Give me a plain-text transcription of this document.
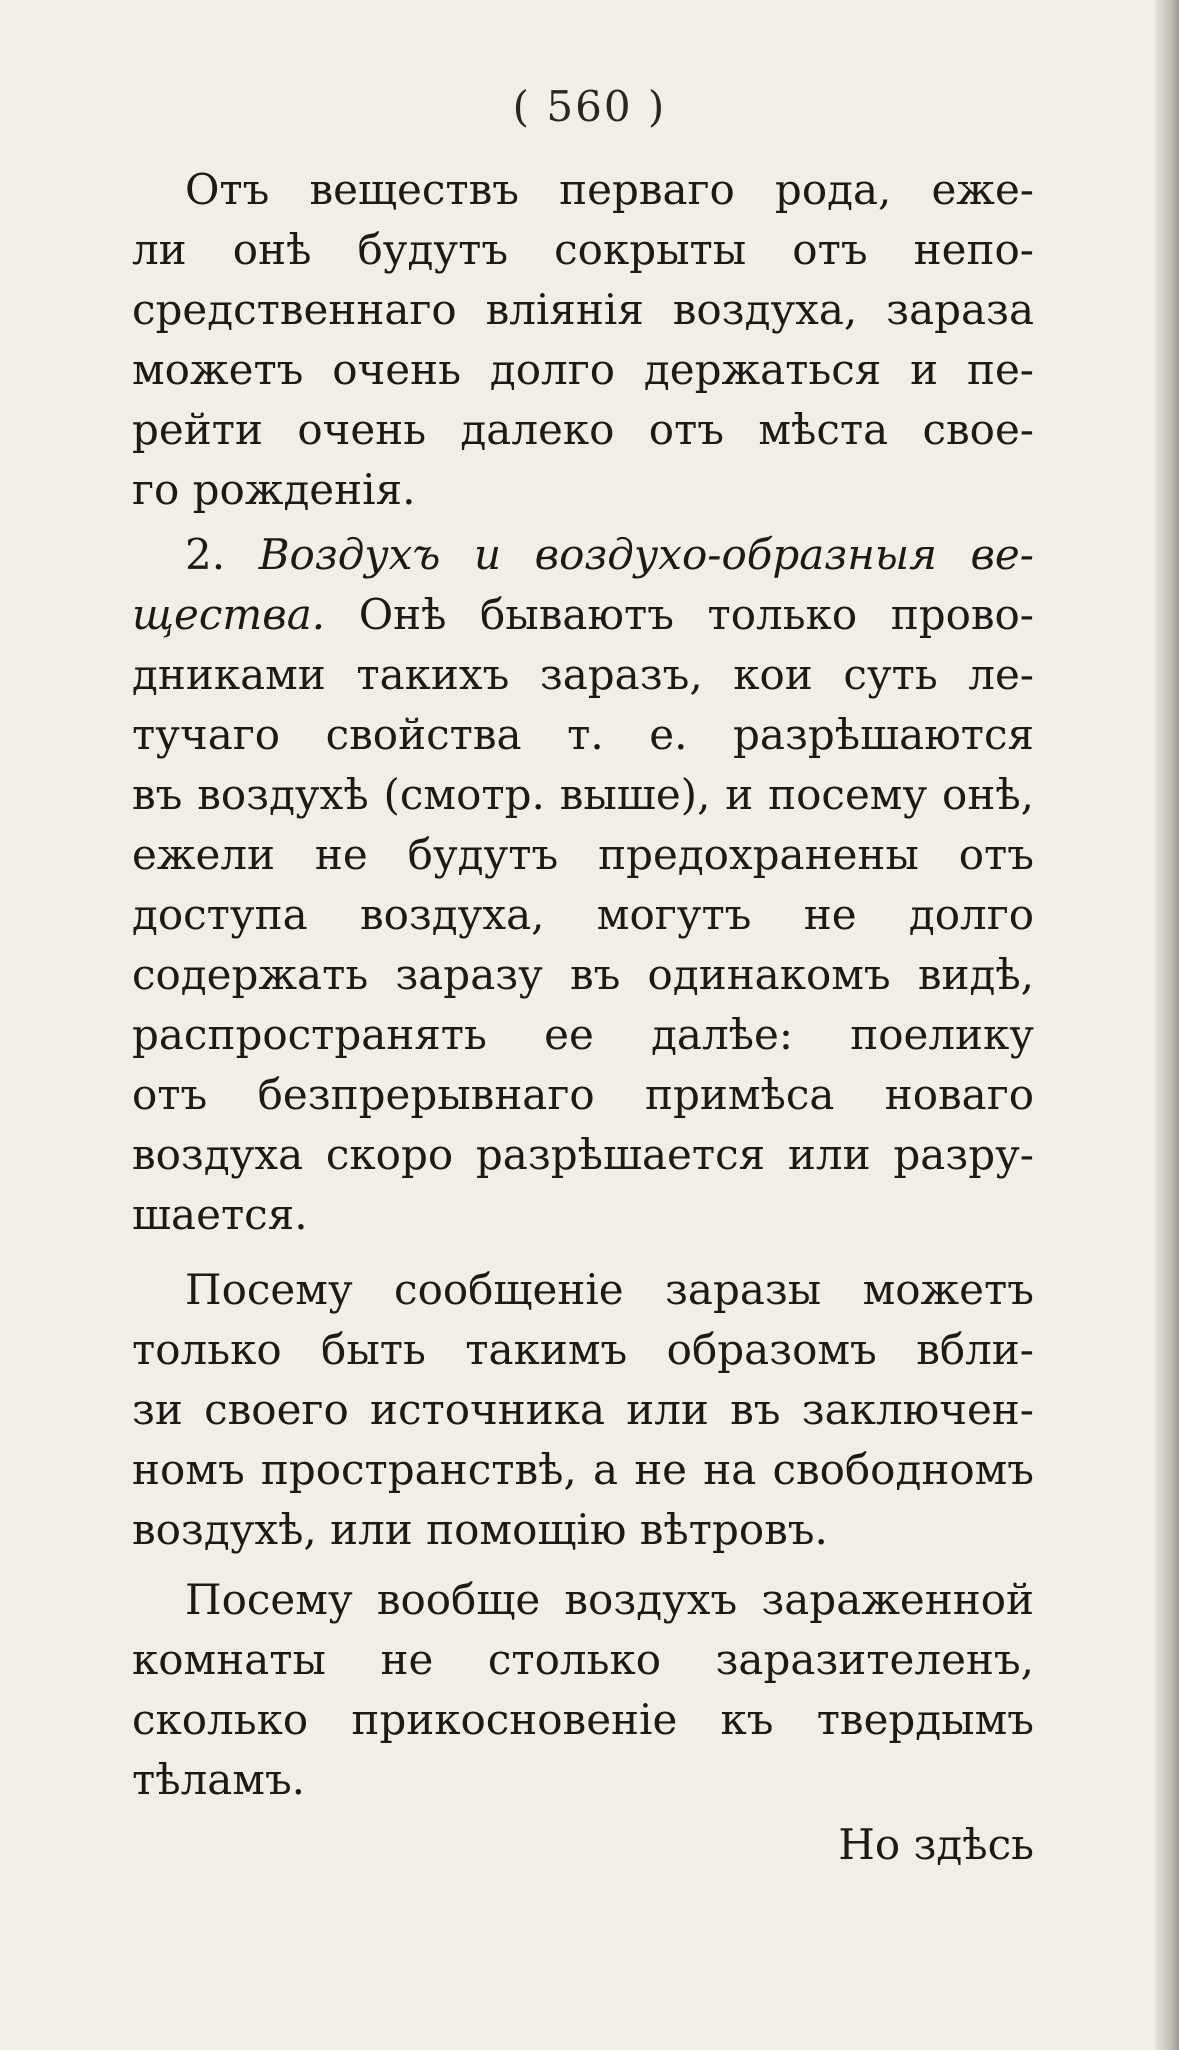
( 560 )
Отъ веществъ перваго рода, еже-
ли онѣ будутъ сокрыты отъ непо-
средственнаго вліянія воздуха, зараза
можетъ очень долго держаться и пе-
рейти очень далеко отъ мѣста свое-
го рожденія.
2. Воздухъ и воздухо-образныя ве-
щества. Онѣ бываютъ только прово-
дниками такихъ заразъ, кои суть ле-
тучаго свойства т. е. разрѣшаются
въ воздухѣ (смотр. выше), и посему онѣ,
ежели не будутъ предохранены отъ
доступа воздуха, могутъ не долго
содержать заразу въ одинакомъ видѣ,
распространять ее далѣе: поелику
отъ безпрерывнаго примѣса новаго
воздуха скоро разрѣшается или разру-
шается.
Посему сообщеніе заразы можетъ
только быть такимъ образомъ вбли-
зи своего источника или въ заключен-
номъ пространствѣ, а не на свободномъ
воздухѣ, или помощію вѣтровъ.
Посему вообще воздухъ зараженной
комнаты не столько заразителенъ,
сколько прикосновеніе къ твердымъ
тѣламъ.
Но здѣсь
